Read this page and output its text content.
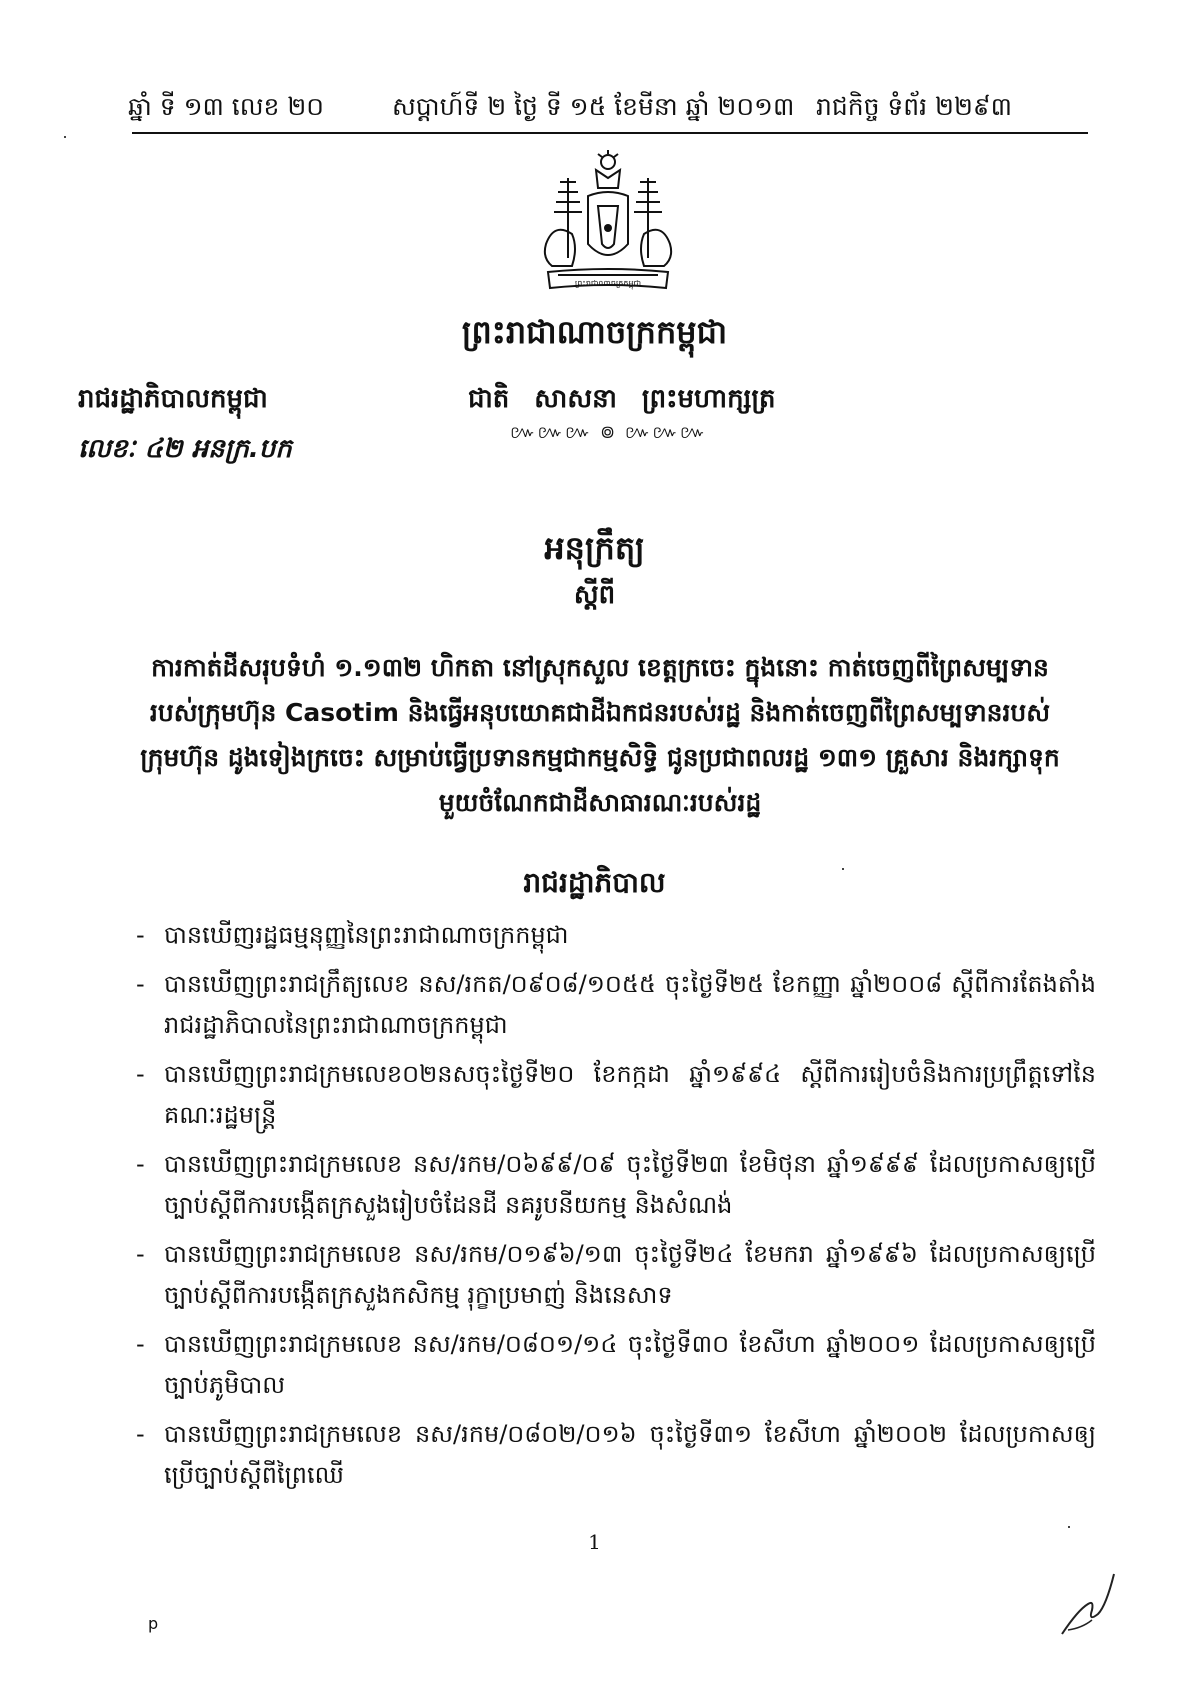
ឆ្នាំ ទី ១៣ លេខ ២០	សប្តាហ៍ទី ២ ថ្ងៃ ទី ១៥ ខែមីនា ឆ្នាំ ២០១៣ រាជកិច្ច ទំព័រ ២២៩៣
ព្រះរាជាណាចក្រកម្ពុជា
ព្រះរាជាណាចក្រកម្ពុជា
រាជរដ្ឋាភិបាលកម្ពុជា	ជាតិ សាសនា ព្រះមហាក្សត្រ
៚៚៚ ៙ ៚៚៚
លេខៈ ៤២ អនក្រ.បក
អនុក្រឹត្យ
ស្តីពី
ការកាត់ដីសរុបទំហំ ១.១៣២ ហិកតា នៅស្រុកសួល ខេត្តក្រចេះ ក្នុងនោះ កាត់ចេញពីព្រៃសម្បទានរបស់ក្រុមហ៊ុន Casotim និងធ្វើអនុបយោគជាដីឯកជនរបស់រដ្ឋ និងកាត់ចេញពីព្រៃសម្បទានរបស់ក្រុមហ៊ុន ដូងទៀងក្រចេះ សម្រាប់ធ្វើប្រទានកម្មជាកម្មសិទ្ធិ ជូនប្រជាពលរដ្ឋ ១៣១ គ្រួសារ និងរក្សាទុកមួយចំណែកជាដីសាធារណៈរបស់រដ្ឋ
រាជរដ្ឋាភិបាល
- បានឃើញរដ្ឋធម្មនុញ្ញនៃព្រះរាជាណាចក្រកម្ពុជា
- បានឃើញព្រះរាជក្រឹត្យលេខ នស/រកត/០៩០៨/១០៥៥ ចុះថ្ងៃទី២៥ ខែកញ្ញា ឆ្នាំ២០០៨ ស្តីពីការតែងតាំងរាជរដ្ឋាភិបាលនៃព្រះរាជាណាចក្រកម្ពុជា
- បានឃើញព្រះរាជក្រមលេខ០២នសចុះថ្ងៃទី២០ ខែកក្កដា ឆ្នាំ១៩៩៤ ស្តីពីការរៀបចំនិងការប្រព្រឹត្តទៅនៃគណៈរដ្ឋមន្ត្រី
- បានឃើញព្រះរាជក្រមលេខ នស/រកម/០៦៩៩/០៩ ចុះថ្ងៃទី២៣ ខែមិថុនា ឆ្នាំ១៩៩៩ ដែលប្រកាសឲ្យប្រើច្បាប់ស្តីពីការបង្កើតក្រសួងរៀបចំដែនដី នគរូបនីយកម្ម និងសំណង់
- បានឃើញព្រះរាជក្រមលេខ នស/រកម/០១៩៦/១៣ ចុះថ្ងៃទី២៤ ខែមករា ឆ្នាំ១៩៩៦ ដែលប្រកាសឲ្យប្រើច្បាប់ស្តីពីការបង្កើតក្រសួងកសិកម្ម រុក្ខាប្រមាញ់ និងនេសាទ
- បានឃើញព្រះរាជក្រមលេខ នស/រកម/០៨០១/១៤ ចុះថ្ងៃទី៣០ ខែសីហា ឆ្នាំ២០០១ ដែលប្រកាសឲ្យប្រើច្បាប់ភូមិបាល
- បានឃើញព្រះរាជក្រមលេខ នស/រកម/០៨០២/០១៦ ចុះថ្ងៃទី៣១ ខែសីហា ឆ្នាំ២០០២ ដែលប្រកាសឲ្យប្រើច្បាប់ស្តីពីព្រៃឈើ
1
p
